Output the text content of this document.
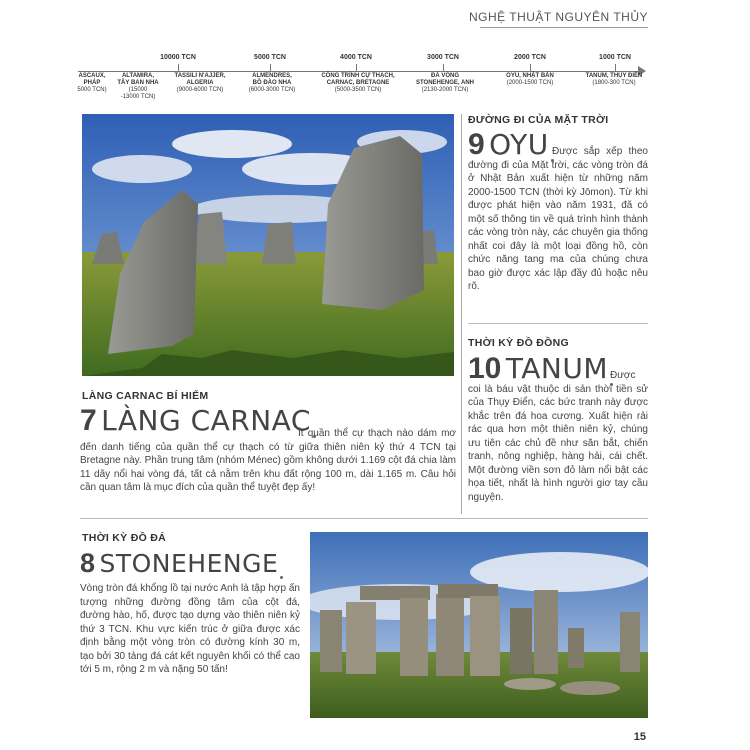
NGHỆ THUẬT NGUYÊN THỦY
10000 TCN	5000 TCN	4000 TCN	3000 TCN	2000 TCN	1000 TCN
ASCAUX,
PHÁP
5000 TCN)
ALTAMIRA,
TÂY BAN NHA
(15000
-13000 TCN)
TASSILI N'AJJER,
ALGERIA
(9000-6000 TCN)
ALMENDRES,
BỒ ĐÀO NHA
(6000-3000 TCN)
CÔNG TRÌNH CỰ THẠCH,
CARNAC, BRETAGNE
(5000-3500 TCN)
ĐÁ VÒNG
STONEHENGE, ANH
(2130-2000 TCN)
OYU, NHẬT BẢN
(2000-1500 TCN)
TANUM, THỤY ĐIỂN
(1800-300 TCN)
LÀNG CARNAC BÍ HIỂM
7 LÀNG CARNAC
Ít quần thể cự thạch nào dám mơ đến danh tiếng của quần thể cự thạch có từ giữa thiên niên kỷ thứ 4 TCN tại Bretagne này. Phần trung tâm (nhóm Ménec) gồm không dưới 1.169 cột đá chia làm 11 dãy nổi hai vòng đá, tất cả nằm trên khu đất rộng 100 m, dài 1.165 m. Câu hỏi cần quan tâm là mục đích của quần thể tuyệt đẹp ấy!
ĐƯỜNG ĐI CỦA MẶT TRỜI
9 OYU Được sắp xếp theo đường đi của Mặt trời, các vòng tròn đá ở Nhật Bản xuất hiện từ những năm 2000-1500 TCN (thời kỳ Jōmon). Từ khi được phát hiện vào năm 1931, đã có một số thông tin về quá trình hình thành các vòng tròn này, các chuyên gia thống nhất coi đây là một loại đồng hồ, còn chức năng tang ma của chúng chưa bao giờ được xác lập đầy đủ hoặc nêu rõ.
THỜI KỲ ĐỒ ĐỒNG
10 TANUM Được coi là báu vật thuộc di sản thời tiền sử của Thụy Điển, các bức tranh này được khắc trên đá hoa cương. Xuất hiện rải rác qua hơn một thiên niên kỷ, chúng ưu tiên các chủ đề như săn bắt, chiến tranh, nông nghiệp, hàng hải, cái chết. Một đường viền sơn đỏ làm nổi bật các họa tiết, nhất là hình người giơ tay cầu nguyện.
THỜI KỲ ĐỒ ĐÁ
8 STONEHENGE
Vòng tròn đá khổng lồ tại nước Anh là tập hợp ấn tượng những đường đồng tâm của cột đá, đường hào, hố, được tạo dựng vào thiên niên kỷ thứ 3 TCN. Khu vực kiến trúc ở giữa được xác định bằng một vòng tròn có đường kính 30 m, tạo bởi 30 tảng đá cát kết nguyên khối có thể cao tới 5 m, rộng 2 m và nặng 50 tấn!
15
